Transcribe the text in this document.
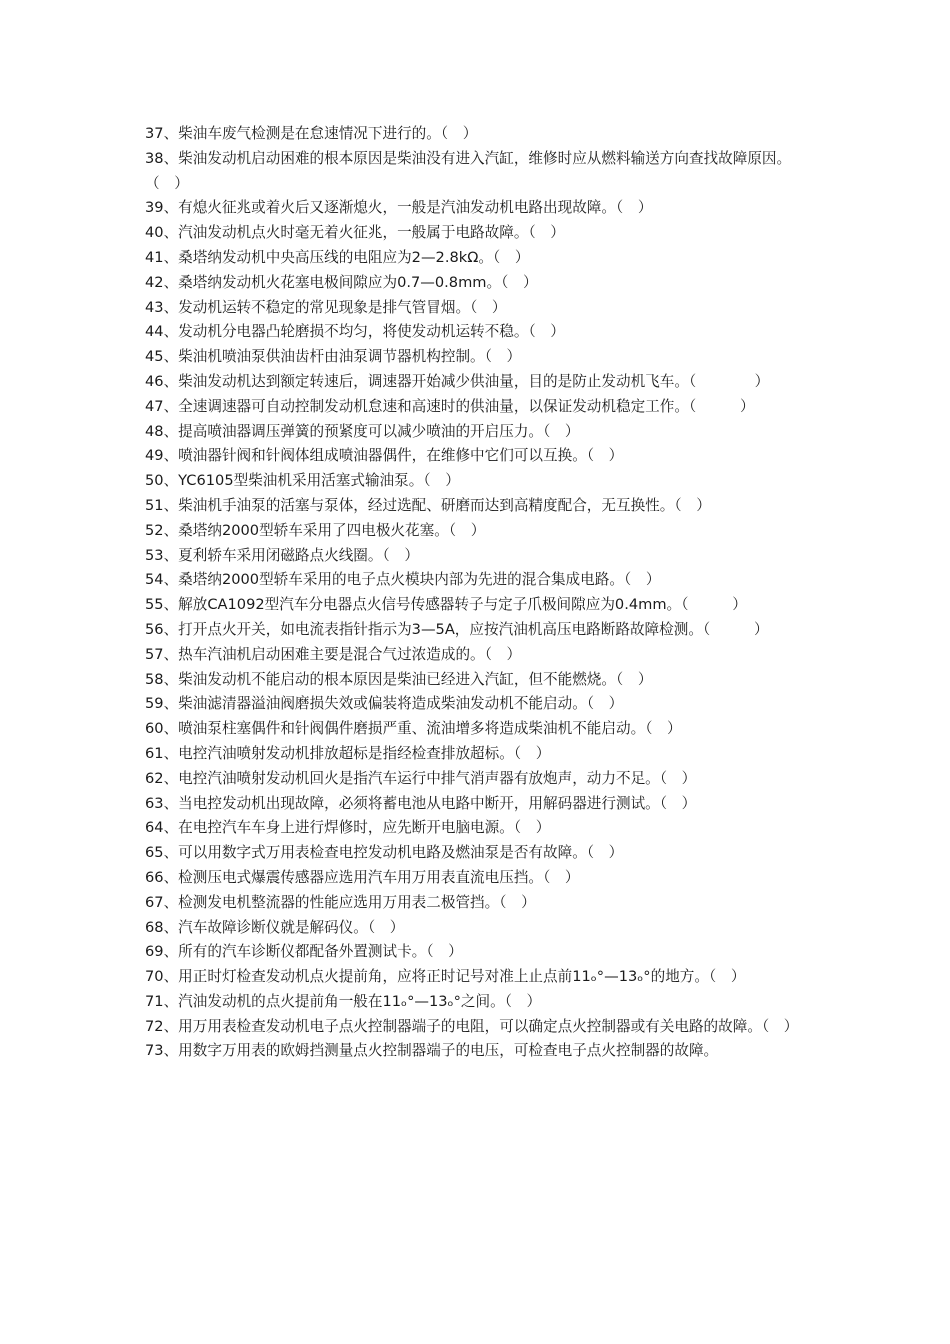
37、柴油车废气检测是在怠速情况下进行的。（　）

38、柴油发动机启动困难的根本原因是柴油没有进入汽缸，维修时应从燃料输送方向查找故障原因。（　）

39、有熄火征兆或着火后又逐渐熄火，一般是汽油发动机电路出现故障。（　）

40、汽油发动机点火时毫无着火征兆，一般属于电路故障。（　）

41、桑塔纳发动机中央高压线的电阻应为2—2.8kΩ。（　）

42、桑塔纳发动机火花塞电极间隙应为0.7—0.8mm。（　）

43、发动机运转不稳定的常见现象是排气管冒烟。（　）

44、发动机分电器凸轮磨损不均匀，将使发动机运转不稳。（　）

45、柴油机喷油泵供油齿杆由油泵调节器机构控制。（　）

46、柴油发动机达到额定转速后，调速器开始减少供油量，目的是防止发动机飞车。（　　　　）

47、全速调速器可自动控制发动机怠速和高速时的供油量，以保证发动机稳定工作。（　　　）

48、提高喷油器调压弹簧的预紧度可以减少喷油的开启压力。（　）

49、喷油器针阀和针阀体组成喷油器偶件，在维修中它们可以互换。（　）

50、YC6105型柴油机采用活塞式输油泵。（　）

51、柴油机手油泵的活塞与泵体，经过选配、研磨而达到高精度配合，无互换性。（　）

52、桑塔纳2000型轿车采用了四电极火花塞。（　）

53、夏利轿车采用闭磁路点火线圈。（　）

54、桑塔纳2000型轿车采用的电子点火模块内部为先进的混合集成电路。（　）

55、解放CA1092型汽车分电器点火信号传感器转子与定子爪极间隙应为0.4mm。（　　　）

56、打开点火开关，如电流表指针指示为3—5A，应按汽油机高压电路断路故障检测。（　　　）

57、热车汽油机启动困难主要是混合气过浓造成的。（　）

58、柴油发动机不能启动的根本原因是柴油已经进入汽缸，但不能燃烧。（　）

59、柴油滤清器溢油阀磨损失效或偏装将造成柴油发动机不能启动。（　）

60、喷油泵柱塞偶件和针阀偶件磨损严重、流油增多将造成柴油机不能启动。（　）

61、电控汽油喷射发动机排放超标是指经检查排放超标。（　）

62、电控汽油喷射发动机回火是指汽车运行中排气消声器有放炮声，动力不足。（　）

63、当电控发动机出现故障，必须将蓄电池从电路中断开，用解码器进行测试。（　）

64、在电控汽车车身上进行焊修时，应先断开电脑电源。（　）

65、可以用数字式万用表检查电控发动机电路及燃油泵是否有故障。（　）

66、检测压电式爆震传感器应选用汽车用万用表直流电压挡。（　）

67、检测发电机整流器的性能应选用万用表二极管挡。（　）

68、汽车故障诊断仪就是解码仪。（　）

69、所有的汽车诊断仪都配备外置测试卡。（　）

70、用正时灯检查发动机点火提前角，应将正时记号对准上止点前11ₒ°—13ₒ°的地方。（　）

71、汽油发动机的点火提前角一般在11ₒ°—13ₒ°之间。（　）

72、用万用表检查发动机电子点火控制器端子的电阻，可以确定点火控制器或有关电路的故障。（　）

73、用数字万用表的欧姆挡测量点火控制器端子的电压，可检查电子点火控制器的故障。
